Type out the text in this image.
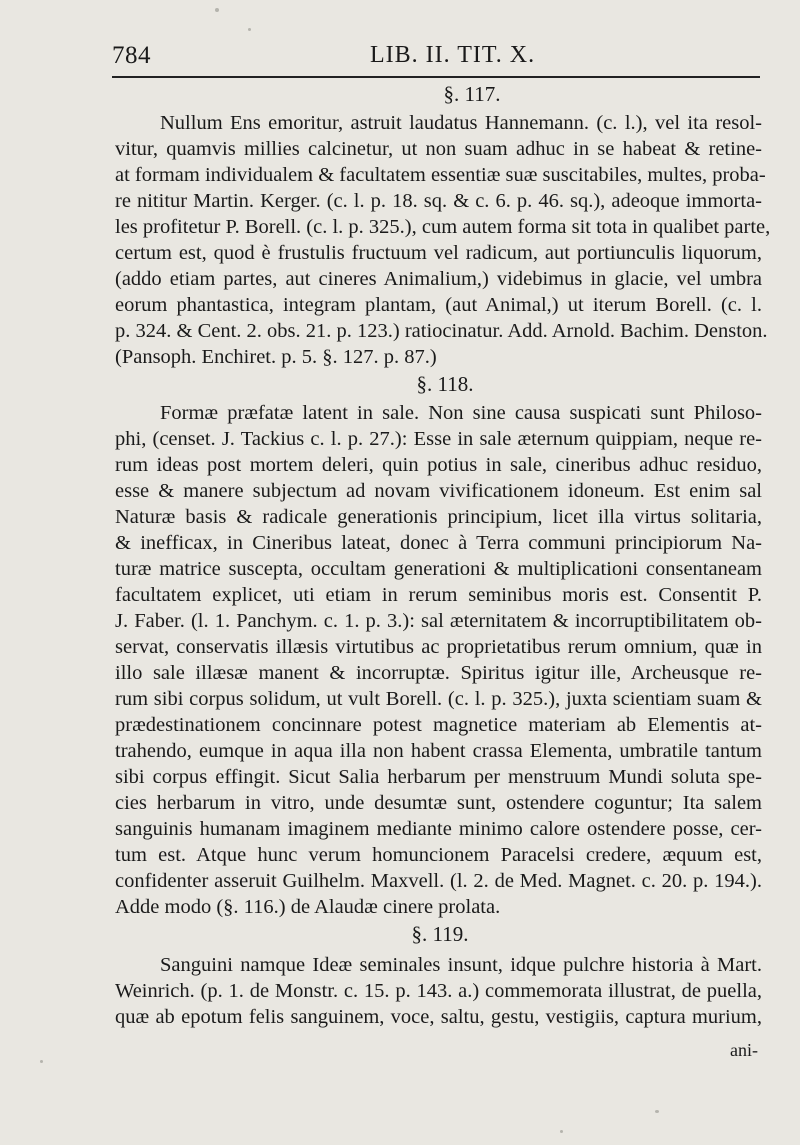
784	LIB. II. TIT. X.
§. 117.
Nullum Ens emoritur, astruit laudatus Hannemann. (c. l.), vel ita resol-
vitur, quamvis millies calcinetur, ut non suam adhuc in se habeat & retine-
at formam individualem & facultatem essentiæ suæ suscitabiles, multes, proba-
re nititur Martin. Kerger. (c. l. p. 18. sq. & c. 6. p. 46. sq.), adeoque immorta-
les profitetur P. Borell. (c. l. p. 325.), cum autem forma sit tota in qualibet parte,
certum est, quod è frustulis fructuum vel radicum, aut portiunculis liquorum,
(addo etiam partes, aut cineres Animalium,) videbimus in glacie, vel umbra
eorum phantastica, integram plantam, (aut Animal,) ut iterum Borell. (c. l.
p. 324. & Cent. 2. obs. 21. p. 123.) ratiocinatur. Add. Arnold. Bachim. Denston.
(Pansoph. Enchiret. p. 5. §. 127. p. 87.)
§. 118.
Formæ præfatæ latent in sale. Non sine causa suspicati sunt Philoso-
phi, (censet. J. Tackius c. l. p. 27.): Esse in sale æternum quippiam, neque re-
rum ideas post mortem deleri, quin potius in sale, cineribus adhuc residuo,
esse & manere subjectum ad novam vivificationem idoneum. Est enim sal
Naturæ basis & radicale generationis principium, licet illa virtus solitaria,
& inefficax, in Cineribus lateat, donec à Terra communi principiorum Na-
turæ matrice suscepta, occultam generationi & multiplicationi consentaneam
facultatem explicet, uti etiam in rerum seminibus moris est. Consentit P.
J. Faber. (l. 1. Panchym. c. 1. p. 3.): sal æternitatem & incorruptibilitatem ob-
servat, conservatis illæsis virtutibus ac proprietatibus rerum omnium, quæ in
illo sale illæsæ manent & incorruptæ. Spiritus igitur ille, Archeusque re-
rum sibi corpus solidum, ut vult Borell. (c. l. p. 325.), juxta scientiam suam &
prædestinationem concinnare potest magnetice materiam ab Elementis at-
trahendo, eumque in aqua illa non habent crassa Elementa, umbratile tantum
sibi corpus effingit. Sicut Salia herbarum per menstruum Mundi soluta spe-
cies herbarum in vitro, unde desumtæ sunt, ostendere coguntur; Ita salem
sanguinis humanam imaginem mediante minimo calore ostendere posse, cer-
tum est. Atque hunc verum homuncionem Paracelsi credere, æquum est,
confidenter asseruit Guilhelm. Maxvell. (l. 2. de Med. Magnet. c. 20. p. 194.).
Adde modo (§. 116.) de Alaudæ cinere prolata.
§. 119.
Sanguini namque Ideæ seminales insunt, idque pulchre historia à Mart.
Weinrich. (p. 1. de Monstr. c. 15. p. 143. a.) commemorata illustrat, de puella,
quæ ab epotum felis sanguinem, voce, saltu, gestu, vestigiis, captura murium,
ani-
